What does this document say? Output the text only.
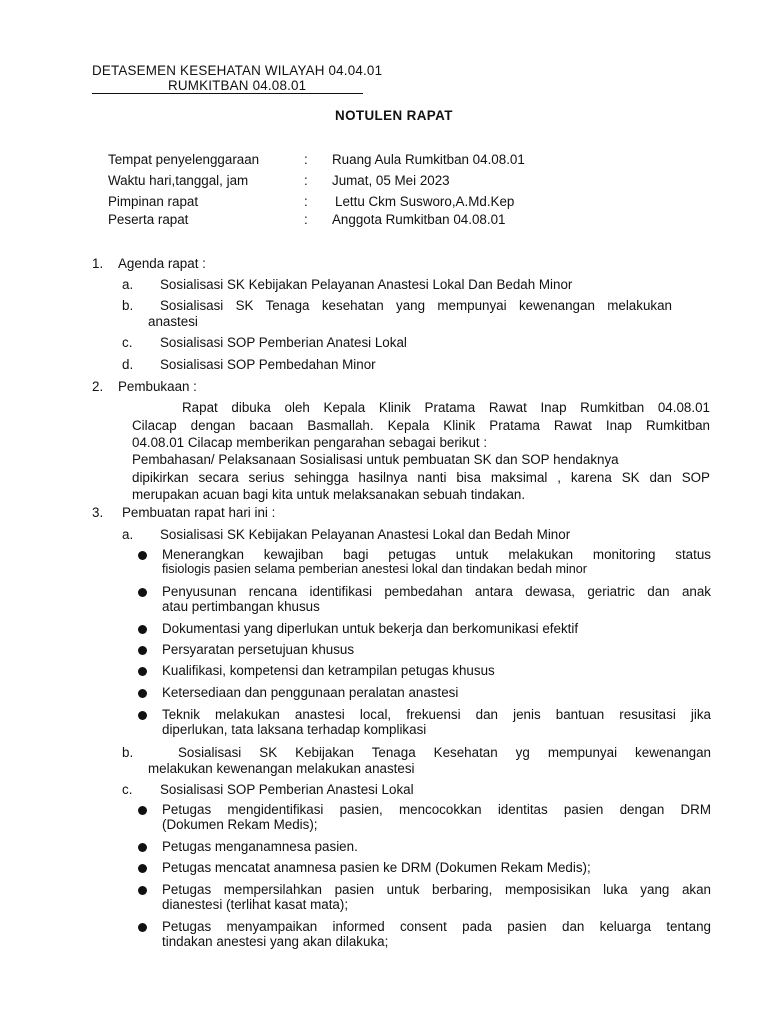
DETASEMEN KESEHATAN WILAYAH 04.04.01
RUMKITBAN 04.08.01
NOTULEN RAPAT
Tempat penyelenggaraan	: Ruang Aula Rumkitban 04.08.01
Waktu hari,tanggal, jam	: Jumat, 05 Mei 2023
Pimpinan rapat	: Lettu Ckm Susworo,A.Md.Kep
Peserta rapat	: Anggota Rumkitban 04.08.01
1. Agenda rapat :
a. Sosialisasi SK Kebijakan Pelayanan Anastesi Lokal Dan Bedah Minor
b. Sosialisasi SK Tenaga kesehatan yang mempunyai kewenangan melakukan
anastesi
c. Sosialisasi SOP Pemberian Anatesi Lokal
d. Sosialisasi SOP Pembedahan Minor
2. Pembukaan :
Rapat dibuka oleh Kepala Klinik Pratama Rawat Inap Rumkitban 04.08.01
Cilacap dengan bacaan Basmallah. Kepala Klinik Pratama Rawat Inap Rumkitban
04.08.01 Cilacap memberikan pengarahan sebagai berikut :
Pembahasan/ Pelaksanaan Sosialisasi untuk pembuatan SK dan SOP hendaknya
dipikirkan secara serius sehingga hasilnya nanti bisa maksimal , karena SK dan SOP
merupakan acuan bagi kita untuk melaksanakan sebuah tindakan.
3. Pembuatan rapat hari ini :
a. Sosialisasi SK Kebijakan Pelayanan Anastesi Lokal dan Bedah Minor
Menerangkan kewajiban bagi petugas untuk melakukan monitoring status
fisiologis pasien selama pemberian anestesi lokal dan tindakan bedah minor
Penyusunan rencana identifikasi pembedahan antara dewasa, geriatric dan anak
atau pertimbangan khusus
Dokumentasi yang diperlukan untuk bekerja dan berkomunikasi efektif
Persyaratan persetujuan khusus
Kualifikasi, kompetensi dan ketrampilan petugas khusus
Ketersediaan dan penggunaan peralatan anastesi
Teknik melakukan anastesi local, frekuensi dan jenis bantuan resusitasi jika
diperlukan, tata laksana terhadap komplikasi
b.	Sosialisasi SK Kebijakan Tenaga Kesehatan yg mempunyai kewenangan
melakukan kewenangan melakukan anastesi
c. Sosialisasi SOP Pemberian Anastesi Lokal
Petugas mengidentifikasi pasien, mencocokkan identitas pasien dengan DRM
(Dokumen Rekam Medis);
Petugas menganamnesa pasien.
Petugas mencatat anamnesa pasien ke DRM (Dokumen Rekam Medis);
Petugas mempersilahkan pasien untuk berbaring, memposisikan luka yang akan
dianestesi (terlihat kasat mata);
Petugas menyampaikan informed consent pada pasien dan keluarga tentang
tindakan anestesi yang akan dilakuka;
